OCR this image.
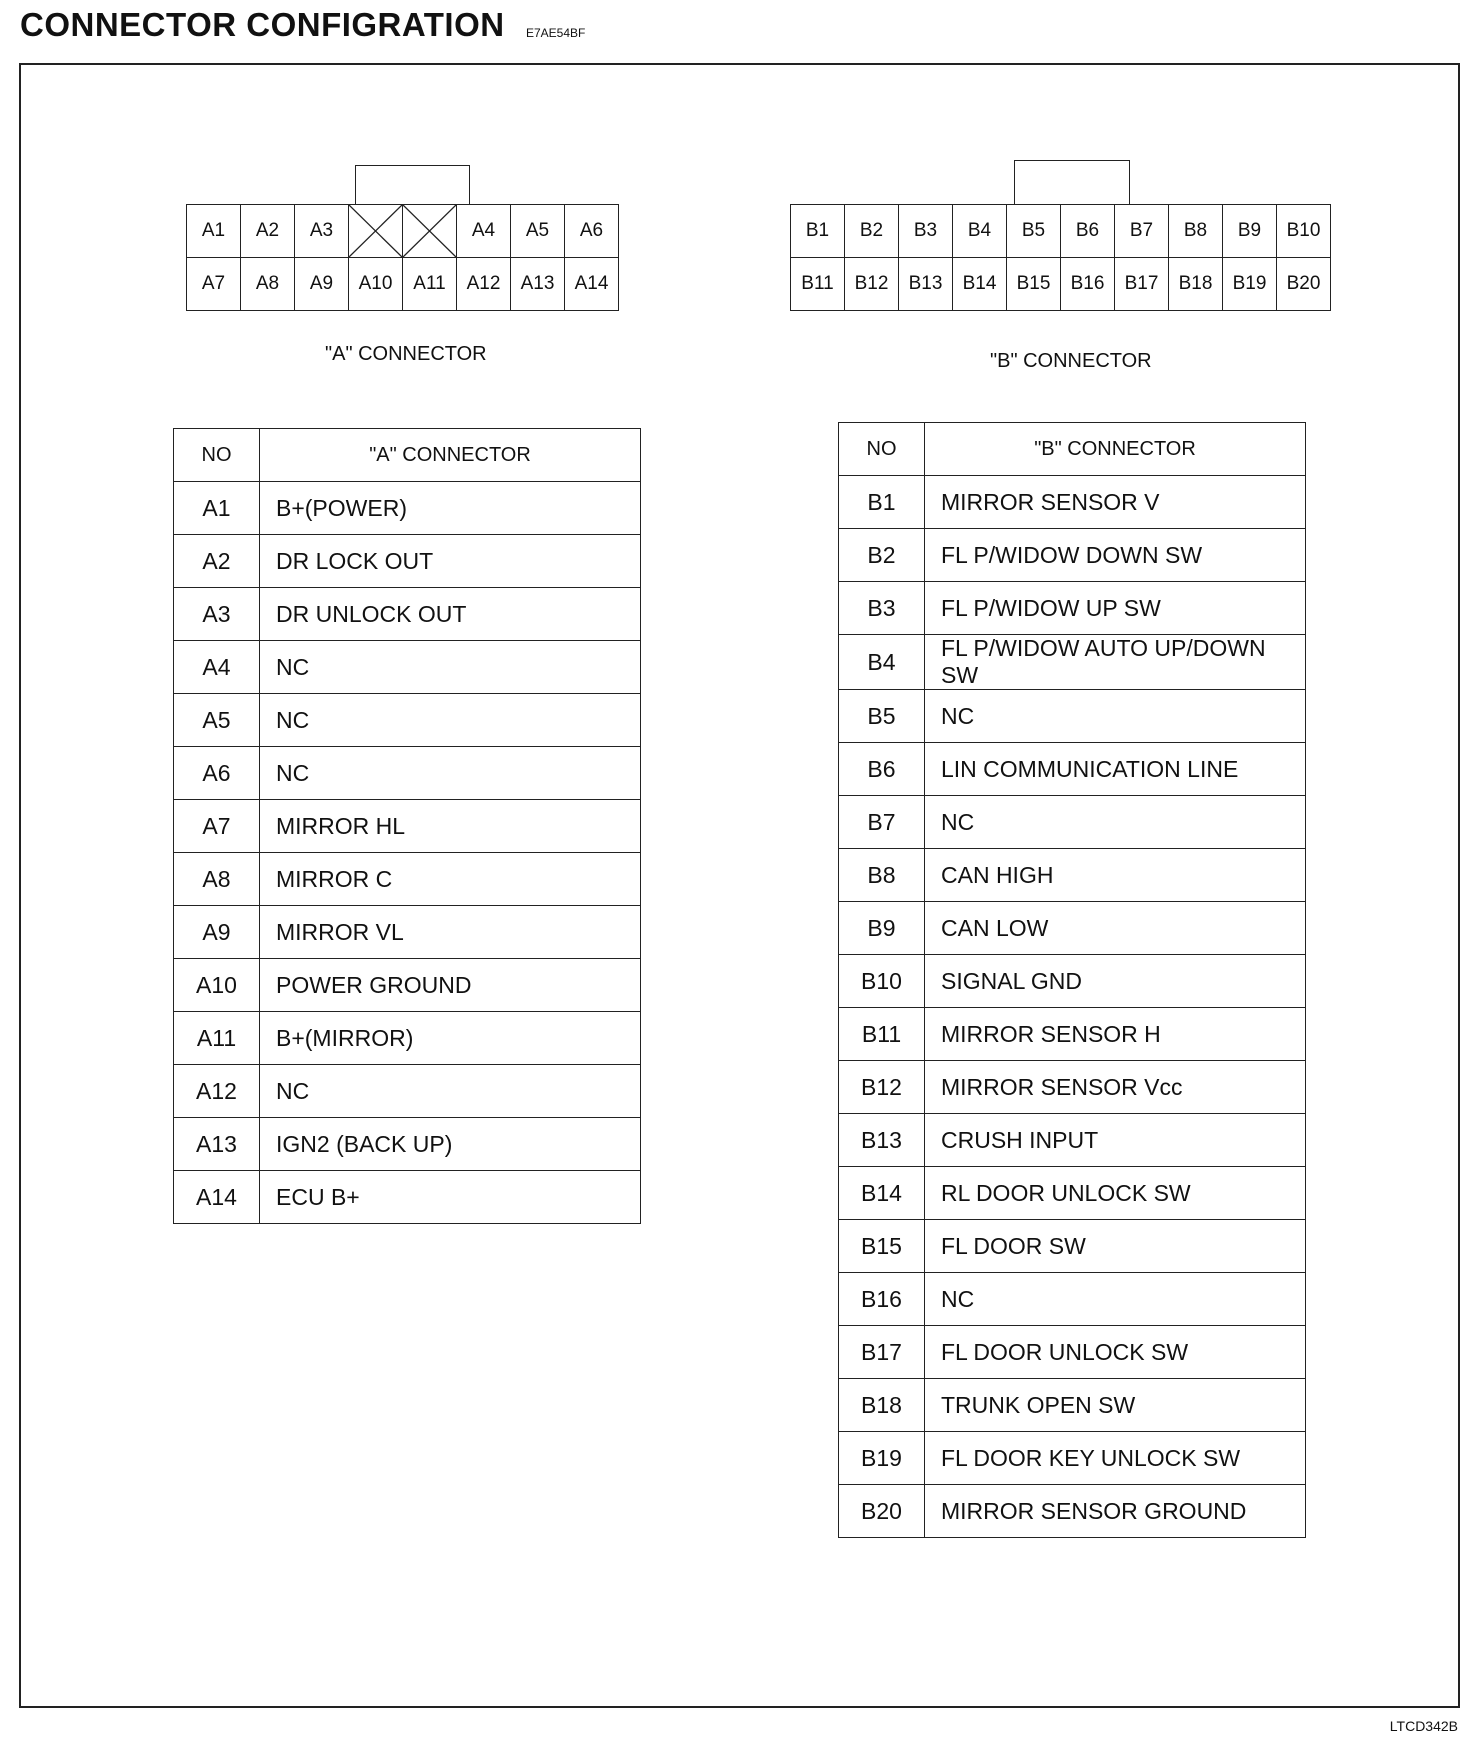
CONNECTOR CONFIGRATION E7AE54BF
A1	A2	A3			A4	A5	A6
A7	A8	A9	A10	A11	A12	A13	A14
"A" CONNECTOR
B1	B2	B3	B4	B5	B6	B7	B8	B9	B10
B11	B12	B13	B14	B15	B16	B17	B18	B19	B20
"B" CONNECTOR
NO	"A" CONNECTOR
A1	B+(POWER)
A2	DR LOCK OUT
A3	DR UNLOCK OUT
A4	NC
A5	NC
A6	NC
A7	MIRROR HL
A8	MIRROR C
A9	MIRROR VL
A10	POWER GROUND
A11	B+(MIRROR)
A12	NC
A13	IGN2 (BACK UP)
A14	ECU B+
NO	"B" CONNECTOR
B1	MIRROR SENSOR V
B2	FL P/WIDOW DOWN SW
B3	FL P/WIDOW UP SW
B4	FL P/WIDOW AUTO UP/DOWN SW
B5	NC
B6	LIN COMMUNICATION LINE
B7	NC
B8	CAN HIGH
B9	CAN LOW
B10	SIGNAL GND
B11	MIRROR SENSOR H
B12	MIRROR SENSOR Vcc
B13	CRUSH INPUT
B14	RL DOOR UNLOCK SW
B15	FL DOOR SW
B16	NC
B17	FL DOOR UNLOCK SW
B18	TRUNK OPEN SW
B19	FL DOOR KEY UNLOCK SW
B20	MIRROR SENSOR GROUND
LTCD342B
